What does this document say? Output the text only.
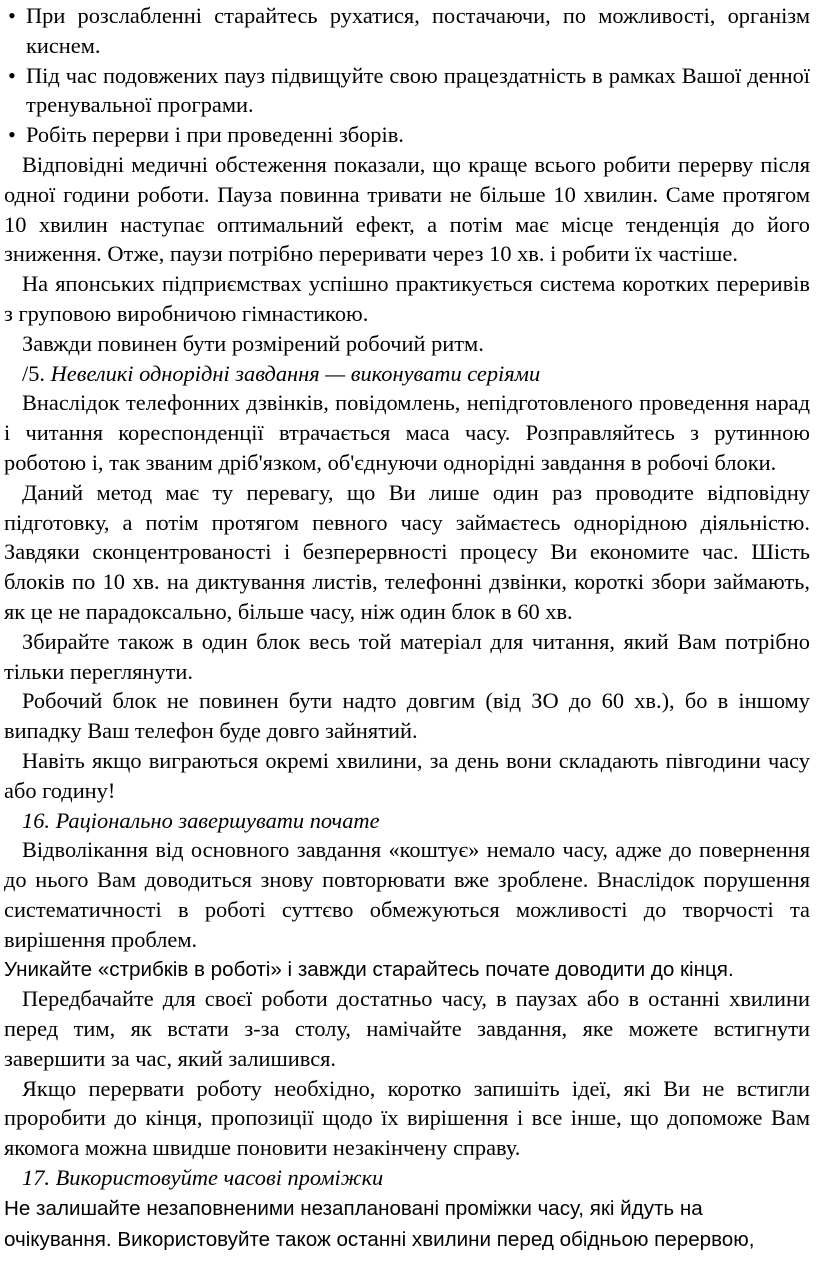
• При розслабленні старайтесь рухатися, постачаючи, по можливості, організм киснем.
• Під час подовжених пауз підвищуйте свою працездатність в рамках Вашої денної тренувальної програми.
• Робіть перерви і при проведенні зборів.

Відповідні медичні обстеження показали, що краще всього робити перерву після одної години роботи. Пауза повинна тривати не більше 10 хвилин. Саме протягом 10 хвилин наступає оптимальний ефект, а потім має місце тенденція до його зниження. Отже, паузи потрібно переривати через 10 хв. і робити їх частіше.

На японських підприємствах успішно практикується система коротких переривів з груповою виробничою гімнастикою.

Завжди повинен бути розмірений робочий ритм.

/5. Невеликі однорідні завдання — виконувати серіями

Внаслідок телефонних дзвінків, повідомлень, непідготовленого проведення нарад і читання кореспонденції втрачається маса часу. Розправляйтесь з рутинною роботою і, так званим дріб'язком, об'єднуючи однорідні завдання в робочі блоки.

Даний метод має ту перевагу, що Ви лише один раз проводите відповідну підготовку, а потім протягом певного часу займаєтесь однорідною діяльністю. Завдяки сконцентрованості і безперервності процесу Ви економите час. Шість блоків по 10 хв. на диктування листів, телефонні дзвінки, короткі збори займають, як це не парадоксально, більше часу, ніж один блок в 60 хв.

Збирайте також в один блок весь той матеріал для читання, який Вам потрібно тільки переглянути.

Робочий блок не повинен бути надто довгим (від ЗО до 60 хв.), бо в іншому випадку Ваш телефон буде довго зайнятий.

Навіть якщо виграються окремі хвилини, за день вони складають півгодини часу або годину!

16. Раціонально завершувати почате

Відволікання від основного завдання «коштує» немало часу, адже до повернення до нього Вам доводиться знову повторювати вже зроблене. Внаслідок порушення систематичності в роботі суттєво обмежуються можливості до творчості та вирішення проблем.

Уникайте «стрибків в роботі» і завжди старайтесь почате доводити до кінця.

Передбачайте для своєї роботи достатньо часу, в паузах або в останні хвилини перед тим, як встати з-за столу, намічайте завдання, яке можете встигнути завершити за час, який залишився.

Якщо перервати роботу необхідно, коротко запишіть ідеї, які Ви не встигли проробити до кінця, пропозиції щодо їх вирішення і все інше, що допоможе Вам якомога можна швидше поновити незакінчену справу.

17. Використовуйте часові проміжки

Не залишайте незаповненими незаплановані проміжки часу, які йдуть на очікування. Використовуйте також останні хвилини перед обідньою перервою,
